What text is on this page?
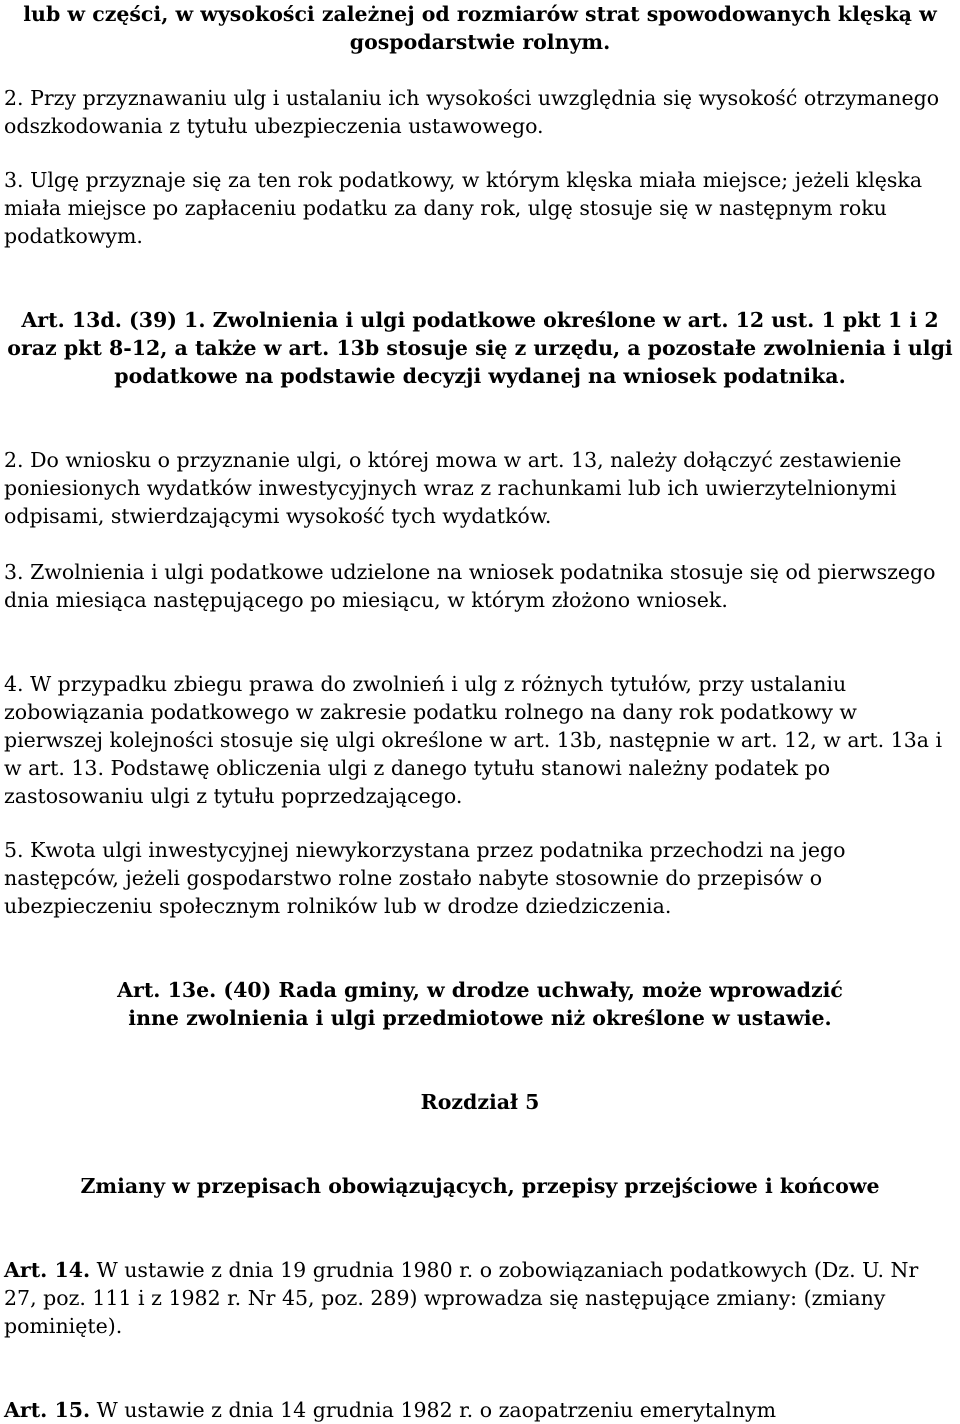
lub w części, w wysokości zależnej od rozmiarów strat spowodowanych klęską w gospodarstwie rolnym.

2. Przy przyznawaniu ulg i ustalaniu ich wysokości uwzględnia się wysokość otrzymanego odszkodowania z tytułu ubezpieczenia ustawowego.

3. Ulgę przyznaje się za ten rok podatkowy, w którym klęska miała miejsce; jeżeli klęska miała miejsce po zapłaceniu podatku za dany rok, ulgę stosuje się w następnym roku podatkowym.

Art. 13d. (39) 1. Zwolnienia i ulgi podatkowe określone w art. 12 ust. 1 pkt 1 i 2 oraz pkt 8-12, a także w art. 13b stosuje się z urzędu, a pozostałe zwolnienia i ulgi podatkowe na podstawie decyzji wydanej na wniosek podatnika.

2. Do wniosku o przyznanie ulgi, o której mowa w art. 13, należy dołączyć zestawienie poniesionych wydatków inwestycyjnych wraz z rachunkami lub ich uwierzytelnionymi odpisami, stwierdzającymi wysokość tych wydatków.

3. Zwolnienia i ulgi podatkowe udzielone na wniosek podatnika stosuje się od pierwszego dnia miesiąca następującego po miesiącu, w którym złożono wniosek.

4. W przypadku zbiegu prawa do zwolnień i ulg z różnych tytułów, przy ustalaniu zobowiązania podatkowego w zakresie podatku rolnego na dany rok podatkowy w pierwszej kolejności stosuje się ulgi określone w art. 13b, następnie w art. 12, w art. 13a i w art. 13. Podstawę obliczenia ulgi z danego tytułu stanowi należny podatek po zastosowaniu ulgi z tytułu poprzedzającego.

5. Kwota ulgi inwestycyjnej niewykorzystana przez podatnika przechodzi na jego następców, jeżeli gospodarstwo rolne zostało nabyte stosownie do przepisów o ubezpieczeniu społecznym rolników lub w drodze dziedziczenia.

Art. 13e. (40) Rada gminy, w drodze uchwały, może wprowadzić inne zwolnienia i ulgi przedmiotowe niż określone w ustawie.

Rozdział 5

Zmiany w przepisach obowiązujących, przepisy przejściowe i końcowe

Art. 14. W ustawie z dnia 19 grudnia 1980 r. o zobowiązaniach podatkowych (Dz. U. Nr 27, poz. 111 i z 1982 r. Nr 45, poz. 289) wprowadza się następujące zmiany: (zmiany pominięte).

Art. 15. W ustawie z dnia 14 grudnia 1982 r. o zaopatrzeniu emerytalnym
